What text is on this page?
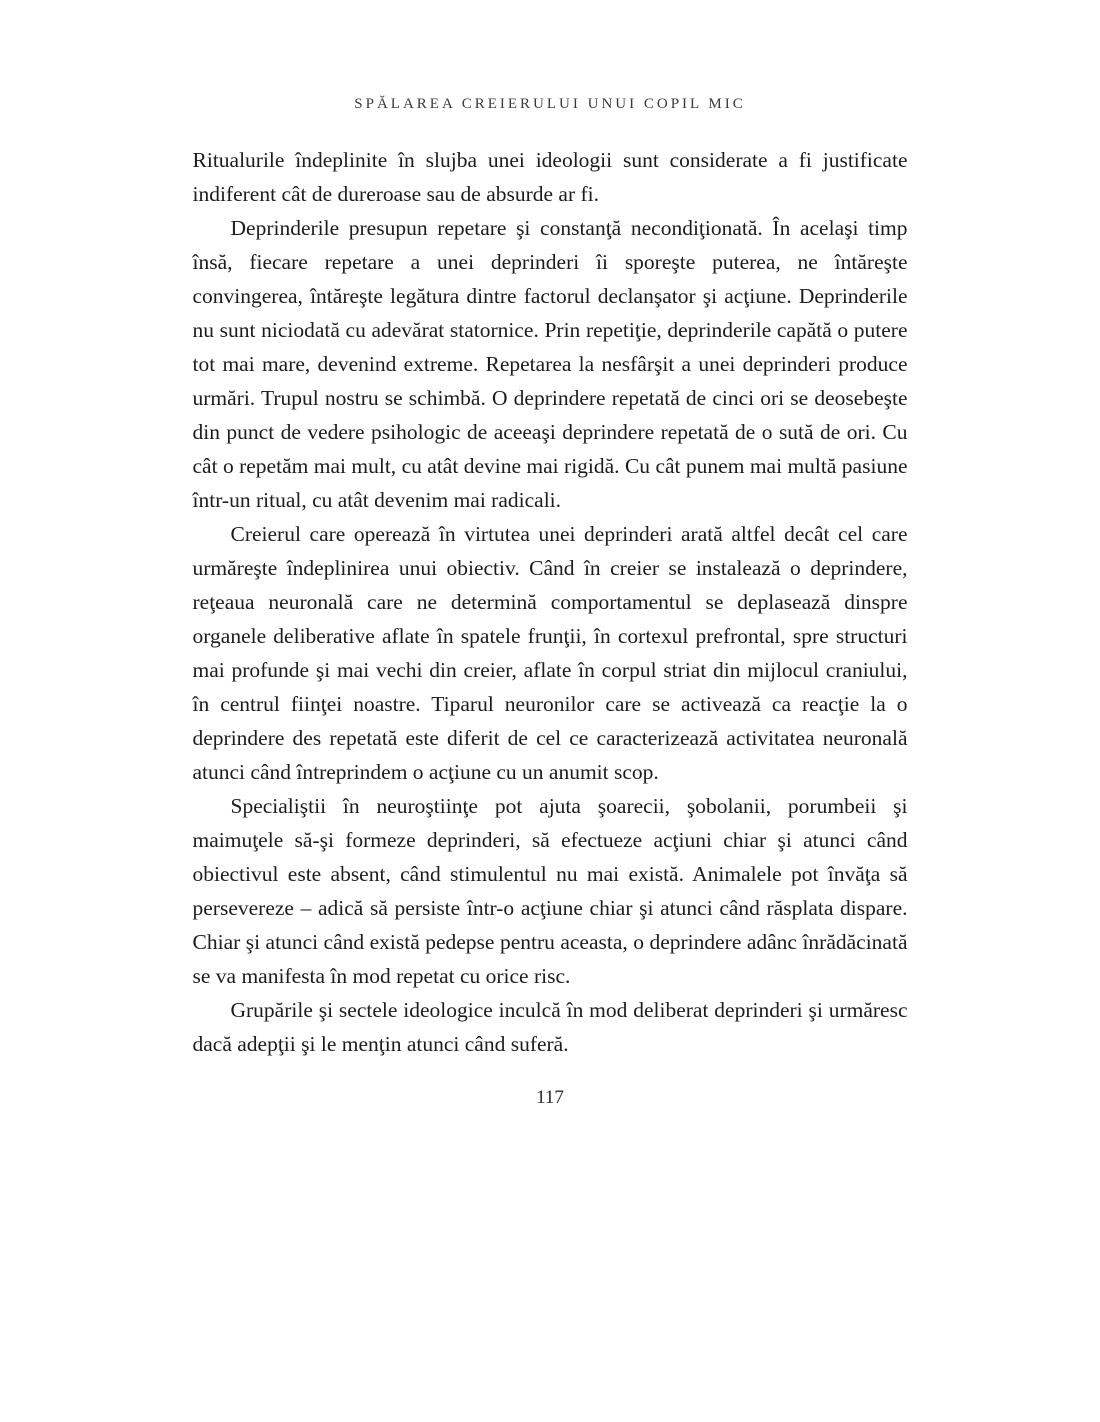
SPĂLAREA CREIERULUI UNUI COPIL MIC

Ritualurile îndeplinite în slujba unei ideologii sunt considerate a fi justificate indiferent cât de dureroase sau de absurde ar fi.

Deprinderile presupun repetare şi constanţă necondiţionată. În acelaşi timp însă, fiecare repetare a unei deprinderi îi sporeşte puterea, ne întăreşte convingerea, întăreşte legătura dintre factorul declanşator şi acţiune. Deprinderile nu sunt niciodată cu adevărat statornice. Prin repetiţie, deprinderile capătă o putere tot mai mare, devenind extreme. Repetarea la nesfârşit a unei deprinderi produce urmări. Trupul nostru se schimbă. O deprindere repetată de cinci ori se deosebeşte din punct de vedere psihologic de aceeaşi deprindere repetată de o sută de ori. Cu cât o repetăm mai mult, cu atât devine mai rigidă. Cu cât punem mai multă pasiune într-un ritual, cu atât devenim mai radicali.

Creierul care operează în virtutea unei deprinderi arată altfel decât cel care urmăreşte îndeplinirea unui obiectiv. Când în creier se instalează o deprindere, reţeaua neuronală care ne determină comportamentul se deplasează dinspre organele deliberative aflate în spatele frunţii, în cortexul prefrontal, spre structuri mai profunde şi mai vechi din creier, aflate în corpul striat din mijlocul craniului, în centrul fiinţei noastre. Tiparul neuronilor care se activează ca reacţie la o deprindere des repetată este diferit de cel ce caracterizează activitatea neuronală atunci când întreprindem o acţiune cu un anumit scop.

Specialiştii în neuroştiinţe pot ajuta şoarecii, şobolanii, porumbeii şi maimuţele să-şi formeze deprinderi, să efectueze acţiuni chiar şi atunci când obiectivul este absent, când stimulentul nu mai există. Animalele pot învăţa să persevereze – adică să persiste într-o acţiune chiar şi atunci când răsplata dispare. Chiar şi atunci când există pedepse pentru aceasta, o deprindere adânc înrădăcinată se va manifesta în mod repetat cu orice risc.

Grupările şi sectele ideologice inculcă în mod deliberat deprinderi şi urmăresc dacă adepţii şi le menţin atunci când suferă.

117
